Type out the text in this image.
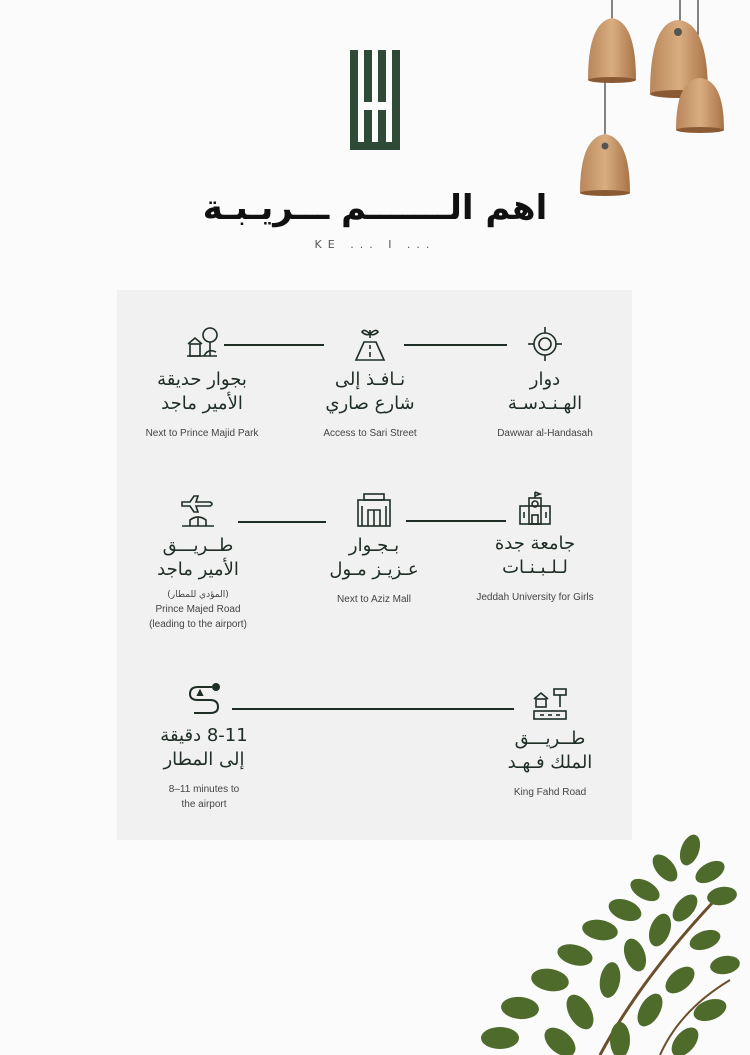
اهم الـــــــم ـــريـبـة
KE ... I ...
دوار
الهـنـدسـة
Dawwar al-Handasah
نـافـذ إلى
شارع صاري
Access to Sari Street
بجوار حديقة
الأمير ماجد
Next to Prince Majid Park
جامعة جدة
لـلـبـنـات
Jeddah University for Girls
بـجـوار
عـزيـز مـول
Next to Aziz Mall
طــريـــق
الأمير ماجد
(المؤدي للمطار)
Prince Majed Road
(leading to the airport)
8-11 دقيقة
إلى المطار
8–11 minutes to
the airport
طــريـــق
الملك فـهـد
King Fahd Road
